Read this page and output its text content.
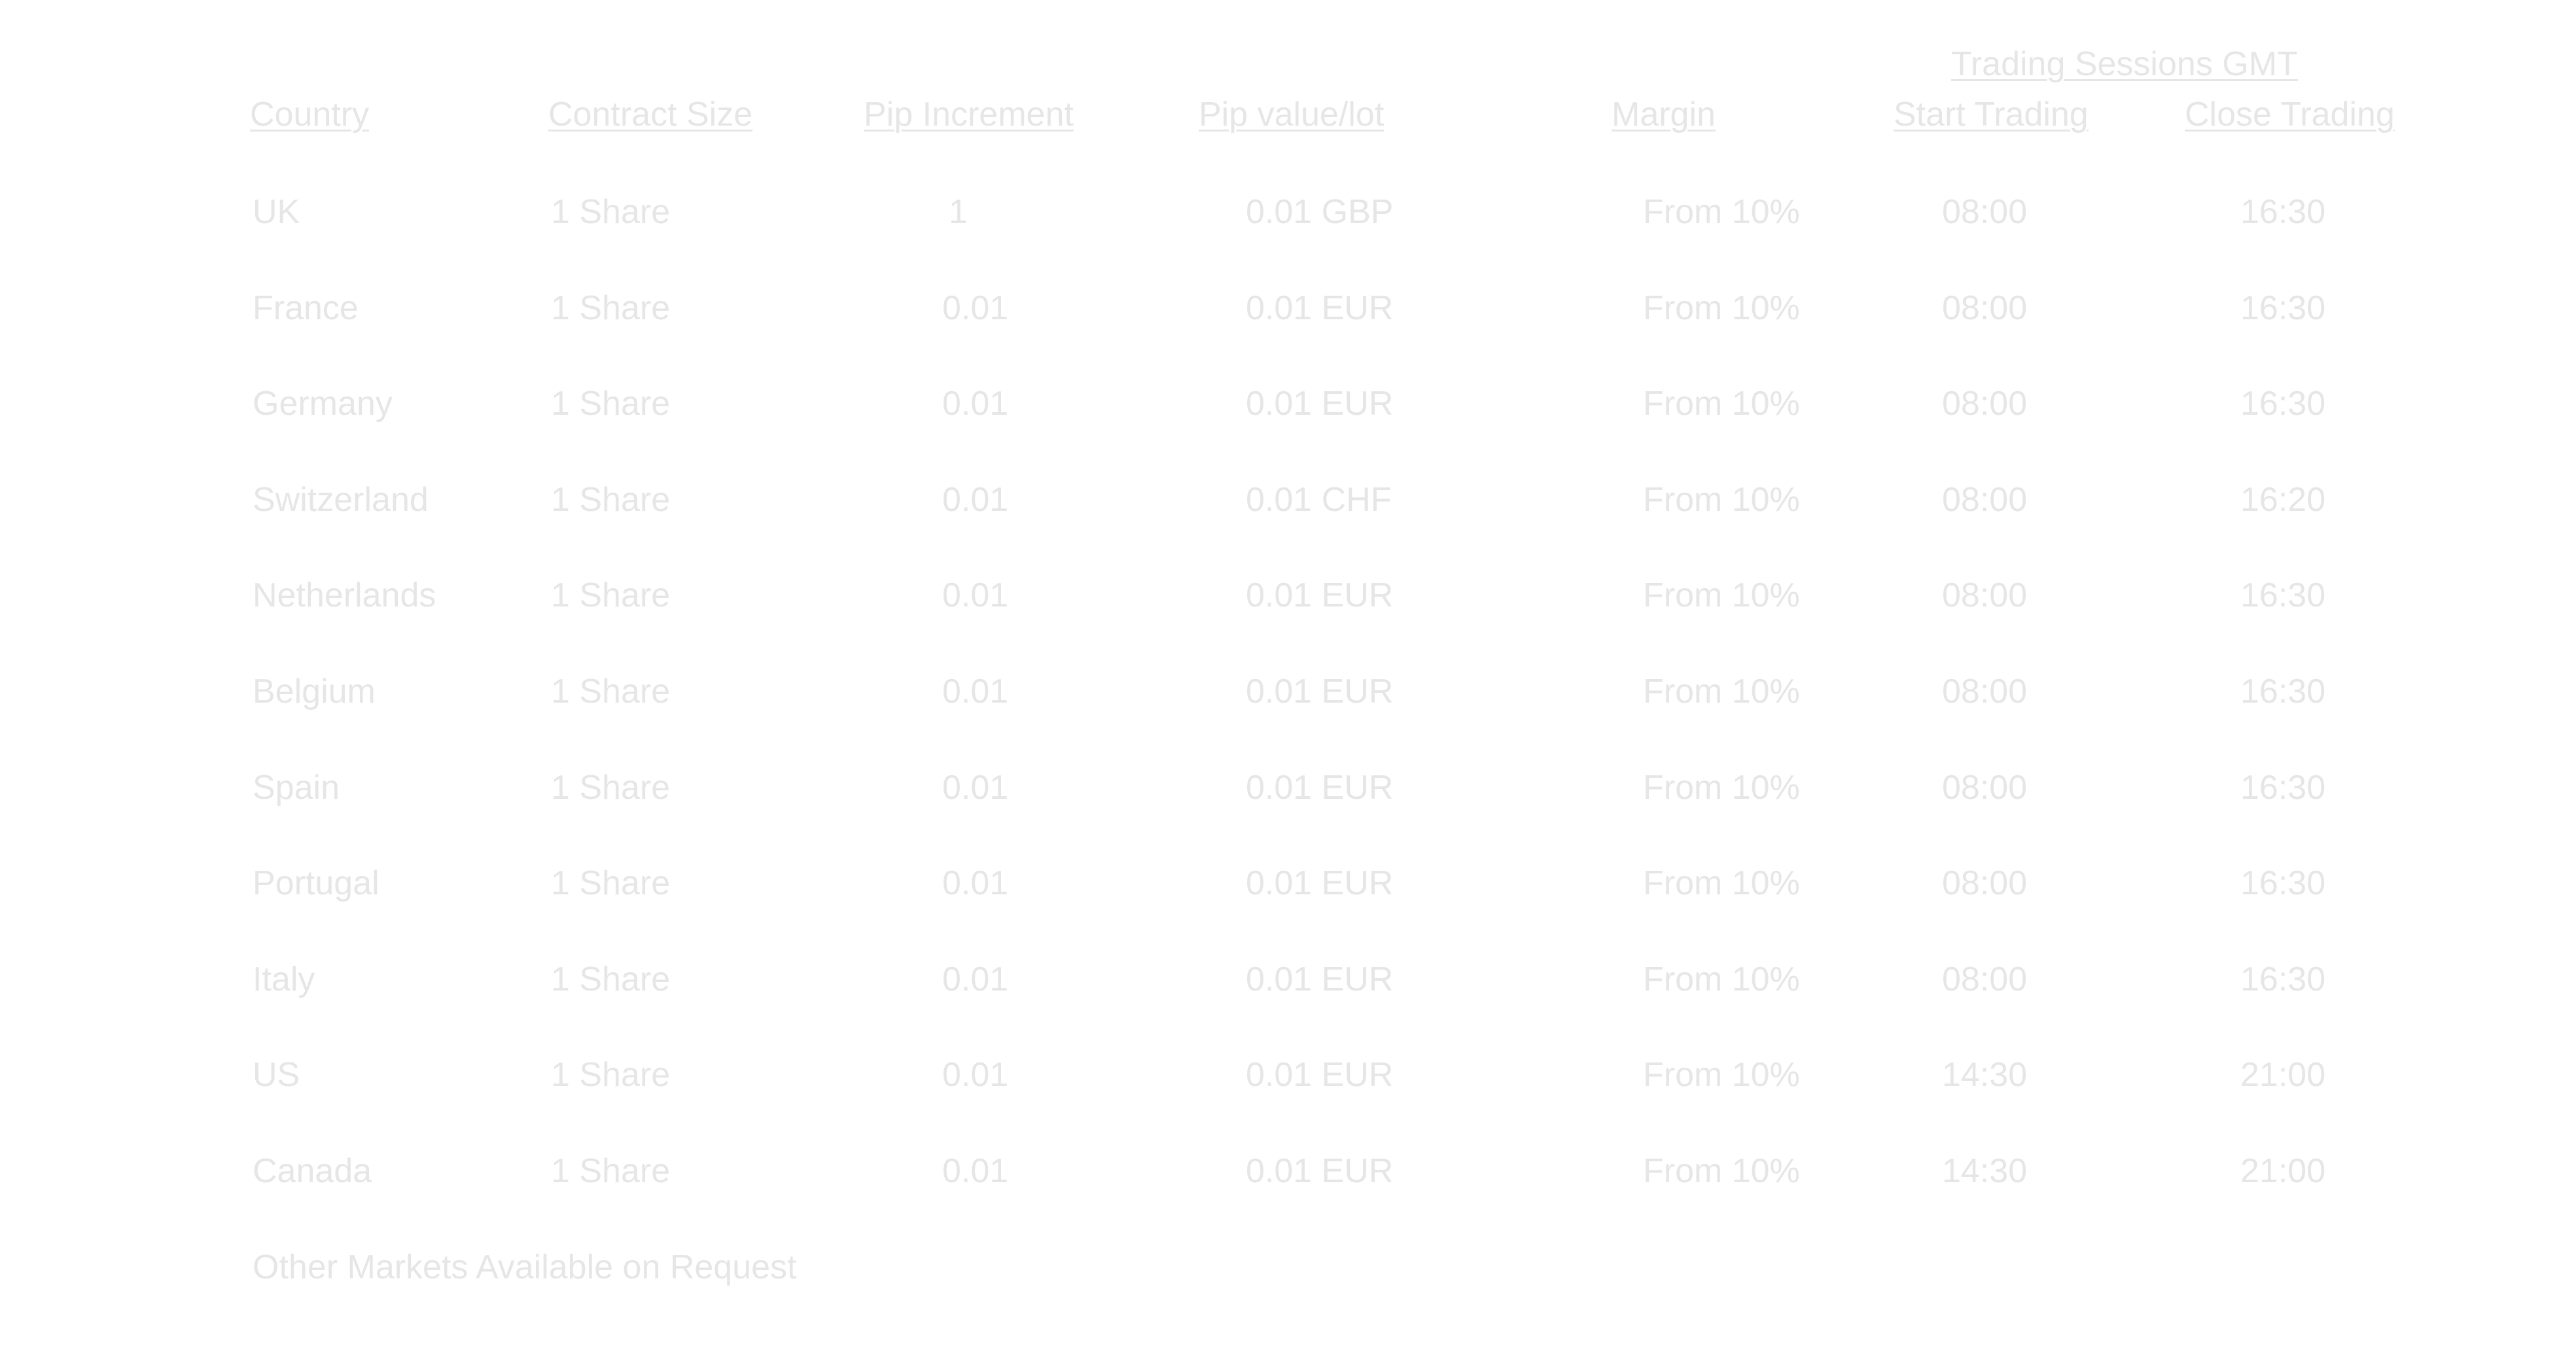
Trading Sessions GMT
Country	Contract Size	Pip Increment	Pip value/lot	Margin	Start Trading	Close Trading
UK	1 Share	1	0.01 GBP	From 10%	08:00	16:30
France	1 Share	0.01	0.01 EUR	From 10%	08:00	16:30
Germany	1 Share	0.01	0.01 EUR	From 10%	08:00	16:30
Switzerland	1 Share	0.01	0.01 CHF	From 10%	08:00	16:20
Netherlands	1 Share	0.01	0.01 EUR	From 10%	08:00	16:30
Belgium	1 Share	0.01	0.01 EUR	From 10%	08:00	16:30
Spain	1 Share	0.01	0.01 EUR	From 10%	08:00	16:30
Portugal	1 Share	0.01	0.01 EUR	From 10%	08:00	16:30
Italy	1 Share	0.01	0.01 EUR	From 10%	08:00	16:30
US	1 Share	0.01	0.01 EUR	From 10%	14:30	21:00
Canada	1 Share	0.01	0.01 EUR	From 10%	14:30	21:00
Other Markets Available on Request
